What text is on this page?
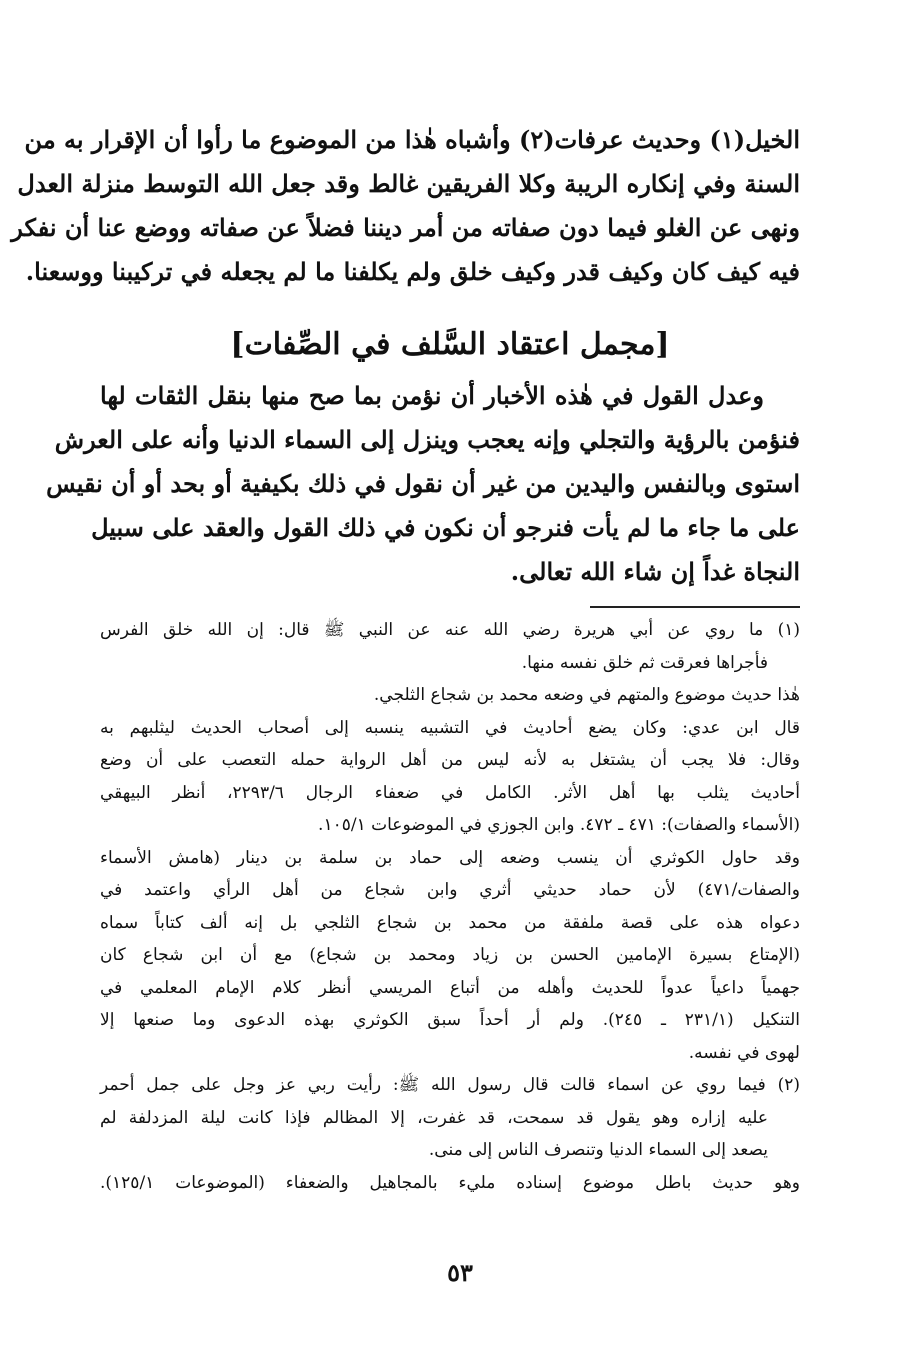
الخيل(١) وحديث عرفات(٢) وأشباه هٰذا من الموضوع ما رأوا أن الإقرار به من
السنة وفي إنكاره الريبة وكلا الفريقين غالط وقد جعل الله التوسط منزلة العدل
ونهى عن الغلو فيما دون صفاته من أمر ديننا فضلاً عن صفاته ووضع عنا أن نفكر
فيه كيف كان وكيف قدر وكيف خلق ولم يكلفنا ما لم يجعله في تركيبنا ووسعنا.
[مجمل اعتقاد السَّلف في الصِّفات]
وعدل القول في هٰذه الأخبار أن نؤمن بما صح منها بنقل الثقات لها
فنؤمن بالرؤية والتجلي وإنه يعجب وينزل إلى السماء الدنيا وأنه على العرش
استوى وبالنفس واليدين من غير أن نقول في ذلك بكيفية أو بحد أو أن نقيس
على ما جاء ما لم يأت فنرجو أن نكون في ذلك القول والعقد على سبيل
النجاة غداً إن شاء الله تعالى.
(١) ما روي عن أبي هريرة رضي الله عنه عن النبي ﷺ قال: إن الله خلق الفرس
فأجراها فعرقت ثم خلق نفسه منها.
هٰذا حديث موضوع والمتهم في وضعه محمد بن شجاع الثلجي.
قال ابن عدي: وكان يضع أحاديث في التشبيه ينسبه إلى أصحاب الحديث ليثلبهم به
وقال: فلا يجب أن يشتغل به لأنه ليس من أهل الرواية حمله التعصب على أن وضع
أحاديث يثلب بها أهل الأثر. الكامل في ضعفاء الرجال ٢٢٩٣/٦، أنظر البيهقي
(الأسماء والصفات): ٤٧١ ـ ٤٧٢. وابن الجوزي في الموضوعات ١٠٥/١.
وقد حاول الكوثري أن ينسب وضعه إلى حماد بن سلمة بن دينار (هامش الأسماء
والصفات/٤٧١) لأن حماد حديثي أثري وابن شجاع من أهل الرأي واعتمد في
دعواه هذه على قصة ملفقة من محمد بن شجاع الثلجي بل إنه ألف كتاباً سماه
(الإمتاع بسيرة الإمامين الحسن بن زياد ومحمد بن شجاع) مع أن ابن شجاع كان
جهمياً داعياً عدواً للحديث وأهله من أتباع المريسي أنظر كلام الإمام المعلمي في
التنكيل (٢٣١/١ ـ ٢٤٥). ولم أر أحداً سبق الكوثري بهذه الدعوى وما صنعها إلا
لهوى في نفسه.
(٢) فيما روي عن اسماء قالت قال رسول الله ﷺ: رأيت ربي عز وجل على جمل أحمر
عليه إزاره وهو يقول قد سمحت، قد غفرت، إلا المظالم فإذا كانت ليلة المزدلفة لم
يصعد إلى السماء الدنيا وتنصرف الناس إلى منى.
وهو حديث باطل موضوع إسناده مليء بالمجاهيل والضعفاء (الموضوعات ١٢٥/١).
٥٣
